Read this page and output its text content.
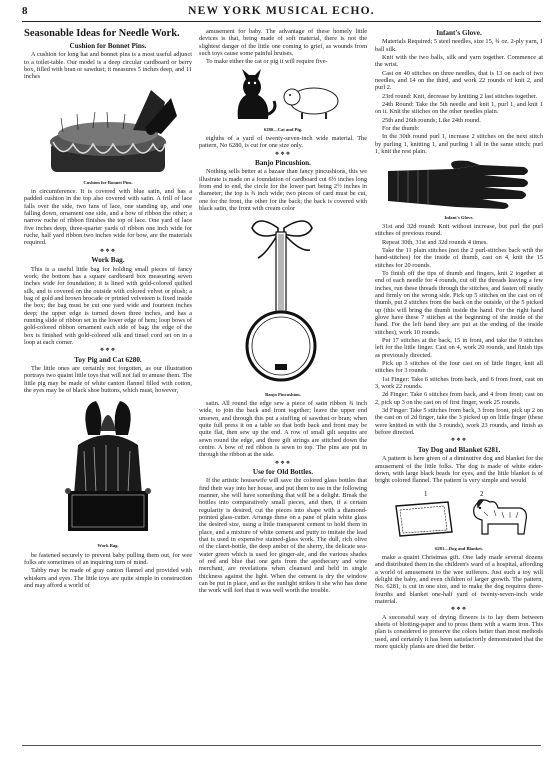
8	NEW YORK MUSICAL ECHO.
Seasonable Ideas for Needle Work.
Cushion for Bonnet Pins.

A cushion for long hat and bonnet pins is a most useful adjunct to a toilet-table. Our model is a deep circular cardboard or berry box, filled with bran or sawdust; it measures 5 inches deep, and 11 inches

Cushion for Bonnet Pins.

in circumference. It is covered with blue satin, and has a padded cushion in the top also covered with satin. A frill of lace falls over the side, two fans of lace, one standing up, and one falling down, ornament one side, and a bow of ribbon the other; a narrow ruche of ribbon finishes the top of lace. One yard of lace five inches deep, three-quarter yards of ribbon one inch wide for ruche, half yard ribbon two inches wide for bow, are the materials required.

❖❖❖
Work Bag.

This is a useful little bag for holding small pieces of fancy work; the bottom has a square cardboard box measuring seven inches wide for foundation; it is lined with gold-colored quilted silk, and is covered on the outside with colored velvet or plush; a bag of gold and brown brocade or printed velveteen is fixed inside the box; the bag must be cut one yard wide and fourteen inches deep; the upper edge is turned down three inches, and has a running slide of ribbon set in the lower edge of hem; loop bows of gold-colored ribbon ornament each side of bag; the edge of the box is finished with gold-colored silk and tinsel cord set on in a loop at each corner.

❖❖❖
Toy Pig and Cat 6280.

The little ones are certainly not forgotten, as our illustration portrays two quaint little toys that will not fail to amuse them. The little pig may be made of white canton flannel filled with cotton, the eyes may be of black shoe buttons, which must, however,

Work Bag.

be fastened securely to prevent baby pulling them out, for wee folks are sometimes of an inquiring turn of mind.

Tabby may be made of gray canton flannel and provided with whiskers and eyes. The little toys are quite simple in construction and may afford a world of

amusement for baby. The advantage of these homely little devices is that, being made of soft material, there is not the slightest danger of the little one coming to grief, as wounds from such toys cause some painful bruises.

To make either the cat or pig it will require five-

6280—Cat and Pig.

eighths of a yard of twenty-seven-inch wide material. The pattern, No 6280, is cut for one size only.

❖❖❖
Banjo Pincushion.

Nothing sells better at a bazaar than fancy pincushions, this we illustrate is made on a foundation of cardboard cut 6½ inches long from end to end, the circle for the lower part being 2½ inches in diameter; the top is ¾ inch wide; two pieces of card must be cut, one for the front, the other for the back; the back is covered with black satin, the front with cream color

Banjo Pincushion.

satin. All round the edge sew a piece of satin ribbon ¾ inch wide, to join the back and front together; leave the upper end unsewn, and through this put a stuffing of sawdust or bran; when quite full press it on a table so that both back and front may be quite flat, then sew up the end. A row of small gilt sequins are sewn round the edge, and three gilt strings are stitched down the centre. A bow of red ribbon is sewn to top. The pins are put in through the ribbon at the side.

❖❖❖
Use for Old Bottles.

If the artistic housewife will save the colored glass bottles that find their way into her house, and put them to use in the following manner, she will have something that will be a delight. Break the bottles into comparatively small pieces, and then, if a certain regularity is desired, cut the pieces into shape with a diamond-pointed glass-cutter. Arrange these on a pane of plain white glass the desired size, using a little transparent cement to hold them in place, and a mixture of white cement and putty to imitate the lead that is used in expensive stained-glass work. The dull, rich olive of the claret-bottle, the deep amber of the sherry, the delicate sea-water green which is used for ginger-ale, and the various shades of red and blue that one gets from the apothecary and wine merchant, are revelations when cleansed and held in single thickness against the light. When the cement is dry the window can be put in place, and as the sunlight strikes it she who has done the work will feel that it was well worth the trouble.

Infant's Glove.

Materials Required; 5 steel needles, size 15, ¾ oz. 2-ply yarn, 1 ball silk.

Knit with the two balls, silk and yarn together. Commence at the wrist.

Cast on 40 stitches on three needles, that is 13 on each of two needles, and 14 on the third, and work 22 rounds of knit 2, and purl 2.

23rd round: Knit, decrease by knitting 2 last stitches together.

24th Round: Take the 5th needle and knit 1, purl 1, and knit 1 on it. Knit the stitches on the other needles plain.

25th and 26th rounds; Like 24th round.

For the thumb:

In the 30th round purl 1, increase 2 stitches on the next stitch by purling 1, knitting 1, and purling 1 all in the same stitch; purl 1, knit the rest plain.

Infant's Glove.

31st and 32d round: Knit without increase, but purl the purl stitches of previous round.

Repeat 30th, 31st and 32d rounds 4 times.

Take the 11 plain stitches (not the 2 purl-stitches back with the hand-stitches) for the inside of thumb, cast on 4, knit the 15 stitches for 20 rounds.

To finish off the tips of thumb and fingers, knit 2 together at end of each needle for 4 rounds, cut off the threads leaving a few inches, run these threads through the stitches, and fasten off neatly and firmly on the wrong side. Pick up 5 stitches on the cast on of thumb, put 2 stitches from the back on the outside, of the 5 picked up (this will bring the thumb inside the hand. For the right hand glove have these 7 stitches at the beginning of the inside of the hand. For the left hand they are put at the ending of the inside stitches), work 10 rounds.

Put 17 stitches at the back, 15 in front, and take the 9 stitches left for the little finger. Cast on 4, work 20 rounds, and finish tips as previously directed.

Pick up 3 stitches of the four cast on of little finger, knit all stitches for 3 rounds.

1st Finger: Take 6 stitches from back, and 6 from front, cast on 3, work 22 rounds.

2d Finger: Take 6 stitches from back, and 4 from front; cast on 2, pick up 3 on the cast on of first finger, work 25 rounds.

3d Finger: Take 5 stitches from back, 3 from front, pick up 2 on the cast on of 2d finger, take the 3 picked up on little finger (these were knitted in with the 3 rounds), work 23 rounds, and finish as before directed.

❖❖❖
Toy Dog and Blanket 6281.

A pattern is here given of a diminutive dog and blanket for the amusement of the little folks. The dog is made of white eider-down, with large black beads for eyes, and the little blanket is of bright colored flannel. The pattern is very simple and would

1	2
6281—Dog and Blanket.

make a quaint Christmas gift. One lady made several dozens and distributed them in the children's ward of a hospital, affording a world of amusement to the wee sufferers. Just such a toy will delight the baby, and even children of larger growth. The pattern, No. 6281, is cut in one size, and to make the dog requires three-fourths and blanket one-half yard of twenty-seven-inch wide material.

❖❖❖

A successful way of drying flowers is to lay them between sheets of blotting-paper and to press them with a warm iron. This plan is considered to preserve the colors better than most methods used, and certainly it has been satisfactorily demonstrated that the more quickly plants are dried the better.
